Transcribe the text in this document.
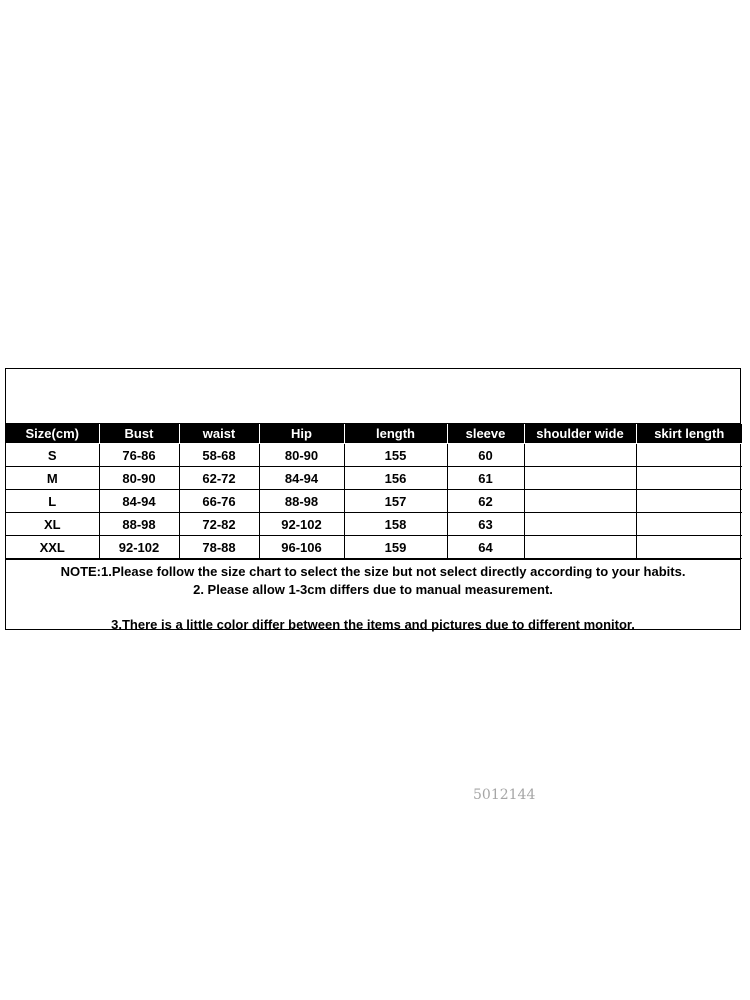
Size(cm)	Bust	waist	Hip	length	sleeve	shoulder wide	skirt length
S	76-86	58-68	80-90	155	60		
M	80-90	62-72	84-94	156	61		
L	84-94	66-76	88-98	157	62		
XL	88-98	72-82	92-102	158	63		
XXL	92-102	78-88	96-106	159	64		
NOTE:1.Please follow the size chart to select the size but not select directly according to your habits.
2. Please allow 1-3cm differs due to manual measurement.
3.There is a little color differ between the items and pictures due to different monitor.
5012144
